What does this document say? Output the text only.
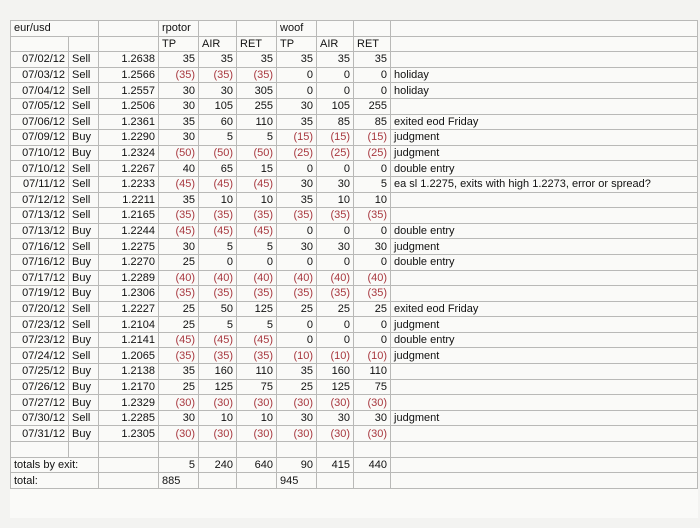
eur/usd			rpotor			woof			
			TP	AIR	RET	TP	AIR	RET	
07/02/12	Sell	1.2638	35	35	35	35	35	35	
07/03/12	Sell	1.2566	(35)	(35)	(35)	0	0	0	holiday
07/04/12	Sell	1.2557	30	30	305	0	0	0	holiday
07/05/12	Sell	1.2506	30	105	255	30	105	255	
07/06/12	Sell	1.2361	35	60	110	35	85	85	exited eod Friday
07/09/12	Buy	1.2290	30	5	5	(15)	(15)	(15)	judgment
07/10/12	Buy	1.2324	(50)	(50)	(50)	(25)	(25)	(25)	judgment
07/10/12	Sell	1.2267	40	65	15	0	0	0	double entry
07/11/12	Sell	1.2233	(45)	(45)	(45)	30	30	5	ea sl 1.2275, exits with high 1.2273, error or spread?
07/12/12	Sell	1.2211	35	10	10	35	10	10	
07/13/12	Sell	1.2165	(35)	(35)	(35)	(35)	(35)	(35)	
07/13/12	Buy	1.2244	(45)	(45)	(45)	0	0	0	double entry
07/16/12	Sell	1.2275	30	5	5	30	30	30	judgment
07/16/12	Buy	1.2270	25	0	0	0	0	0	double entry
07/17/12	Buy	1.2289	(40)	(40)	(40)	(40)	(40)	(40)	
07/19/12	Buy	1.2306	(35)	(35)	(35)	(35)	(35)	(35)	
07/20/12	Sell	1.2227	25	50	125	25	25	25	exited eod Friday
07/23/12	Sell	1.2104	25	5	5	0	0	0	judgment
07/23/12	Buy	1.2141	(45)	(45)	(45)	0	0	0	double entry
07/24/12	Sell	1.2065	(35)	(35)	(35)	(10)	(10)	(10)	judgment
07/25/12	Buy	1.2138	35	160	110	35	160	110	
07/26/12	Buy	1.2170	25	125	75	25	125	75	
07/27/12	Buy	1.2329	(30)	(30)	(30)	(30)	(30)	(30)	
07/30/12	Sell	1.2285	30	10	10	30	30	30	judgment
07/31/12	Buy	1.2305	(30)	(30)	(30)	(30)	(30)	(30)	

totals by exit:			5	240	640	90	415	440	
total:			885			945			
